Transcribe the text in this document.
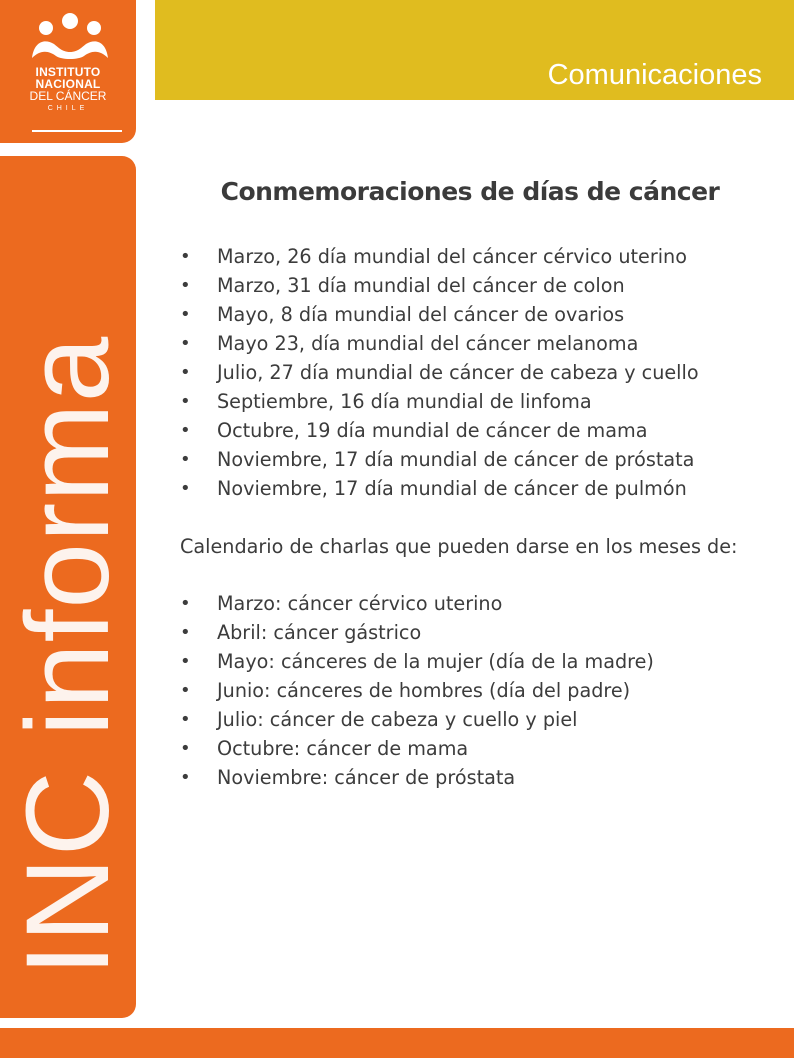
INSTITUTO
NACIONAL
DEL CÁNCER
CHILE
INC informa
Comunicaciones
Conmemoraciones de días de cáncer
• Marzo, 26 día mundial del cáncer cérvico uterino
• Marzo, 31 día mundial del cáncer de colon
• Mayo, 8 día mundial del cáncer de ovarios
• Mayo 23, día mundial del cáncer melanoma
• Julio, 27 día mundial de cáncer de cabeza y cuello
• Septiembre, 16 día mundial de linfoma
• Octubre, 19 día mundial de cáncer de mama
• Noviembre, 17 día mundial de cáncer de próstata
• Noviembre, 17 día mundial de cáncer de pulmón
Calendario de charlas que pueden darse en los meses de:
• Marzo: cáncer cérvico uterino
• Abril: cáncer gástrico
• Mayo: cánceres de la mujer (día de la madre)
• Junio: cánceres de hombres (día del padre)
• Julio: cáncer de cabeza y cuello y piel
• Octubre: cáncer de mama
• Noviembre: cáncer de próstata
